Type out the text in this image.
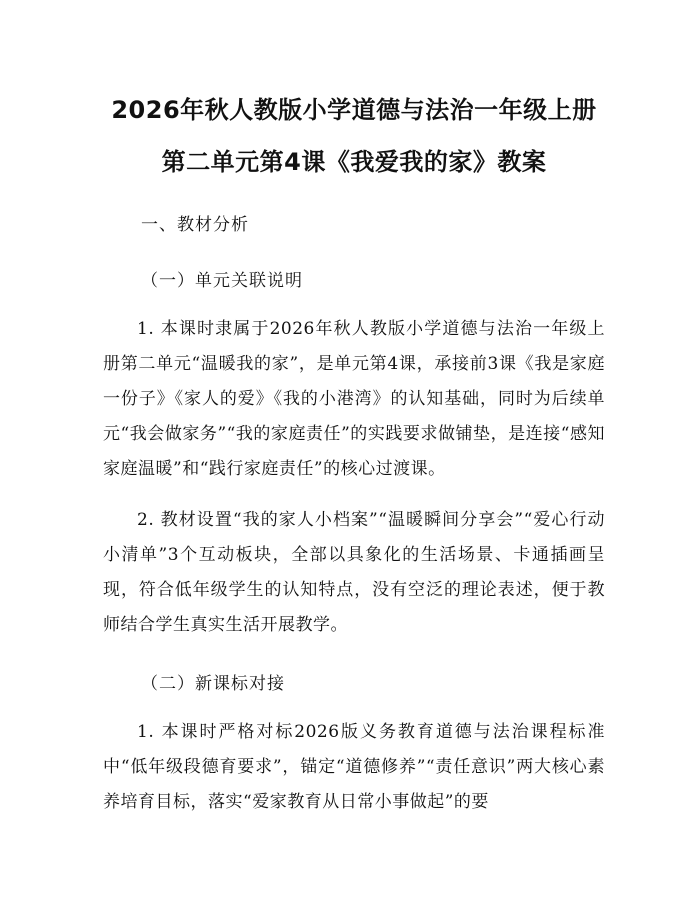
2026年秋人教版小学道德与法治一年级上册
第二单元第4课《我爱我的家》教案

一、教材分析

（一）单元关联说明

1. 本课时隶属于2026年秋人教版小学道德与法治一年级上册第二单元“温暖我的家”，是单元第4课，承接前3课《我是家庭一份子》《家人的爱》《我的小港湾》的认知基础，同时为后续单元“我会做家务”“我的家庭责任”的实践要求做铺垫，是连接“感知家庭温暖”和“践行家庭责任”的核心过渡课。

2. 教材设置“我的家人小档案”“温暖瞬间分享会”“爱心行动小清单”3个互动板块，全部以具象化的生活场景、卡通插画呈现，符合低年级学生的认知特点，没有空泛的理论表述，便于教师结合学生真实生活开展教学。

（二）新课标对接

1. 本课时严格对标2026版义务教育道德与法治课程标准中“低年级段德育要求”，锚定“道德修养”“责任意识”两大核心素养培育目标，落实“爱家教育从日常小事做起”的要
